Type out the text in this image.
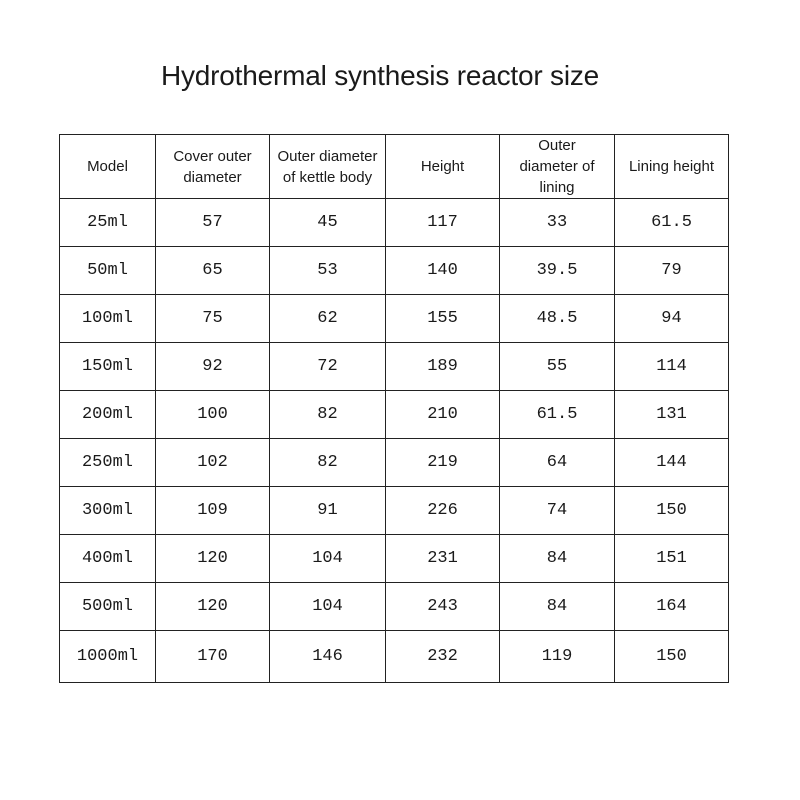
Hydrothermal synthesis reactor size
Model	Cover outer diameter	Outer diameter of kettle body	Height	Outer diameter of lining	Lining height
25ml	57	45	117	33	61.5
50ml	65	53	140	39.5	79
100ml	75	62	155	48.5	94
150ml	92	72	189	55	114
200ml	100	82	210	61.5	131
250ml	102	82	219	64	144
300ml	109	91	226	74	150
400ml	120	104	231	84	151
500ml	120	104	243	84	164
1000ml	170	146	232	119	150
